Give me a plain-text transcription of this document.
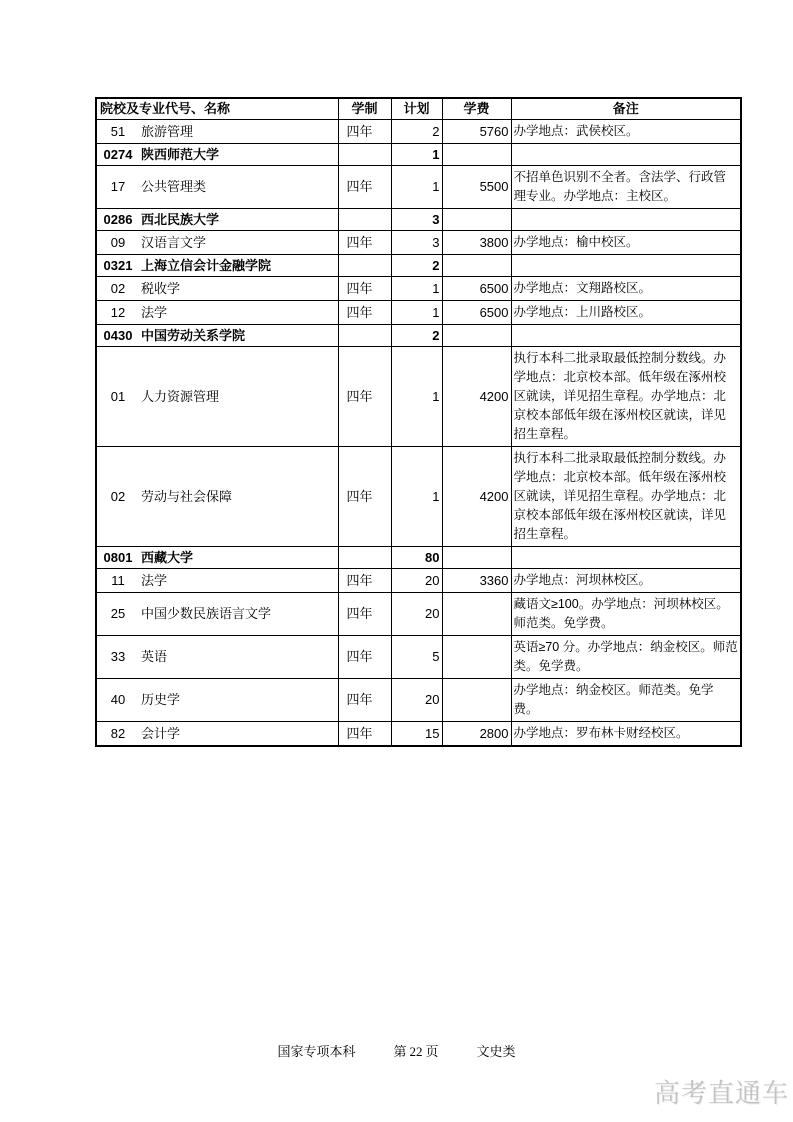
院校及专业代号、名称	学制	计划	学费	备注
51 旅游管理	四年	2	5760	办学地点：武侯校区。
0274 陕西师范大学		1		
17 公共管理类	四年	1	5500	不招单色识别不全者。含法学、行政管理专业。办学地点：主校区。
0286 西北民族大学		3		
09 汉语言文学	四年	3	3800	办学地点：榆中校区。
0321 上海立信会计金融学院		2		
02 税收学	四年	1	6500	办学地点：文翔路校区。
12 法学	四年	1	6500	办学地点：上川路校区。
0430 中国劳动关系学院		2		
01 人力资源管理	四年	1	4200	执行本科二批录取最低控制分数线。办学地点：北京校本部。低年级在涿州校区就读，详见招生章程。办学地点：北京校本部低年级在涿州校区就读，详见招生章程。
02 劳动与社会保障	四年	1	4200	执行本科二批录取最低控制分数线。办学地点：北京校本部。低年级在涿州校区就读，详见招生章程。办学地点：北京校本部低年级在涿州校区就读，详见招生章程。
0801 西藏大学		80		
11 法学	四年	20	3360	办学地点：河坝林校区。
25 中国少数民族语言文学	四年	20		藏语文≥100。办学地点：河坝林校区。师范类。免学费。
33 英语	四年	5		英语≥70 分。办学地点：纳金校区。师范类。免学费。
40 历史学	四年	20		办学地点：纳金校区。师范类。免学费。
82 会计学	四年	15	2800	办学地点：罗布林卡财经校区。
国家专项本科	第 22 页	文史类
高考直通车
